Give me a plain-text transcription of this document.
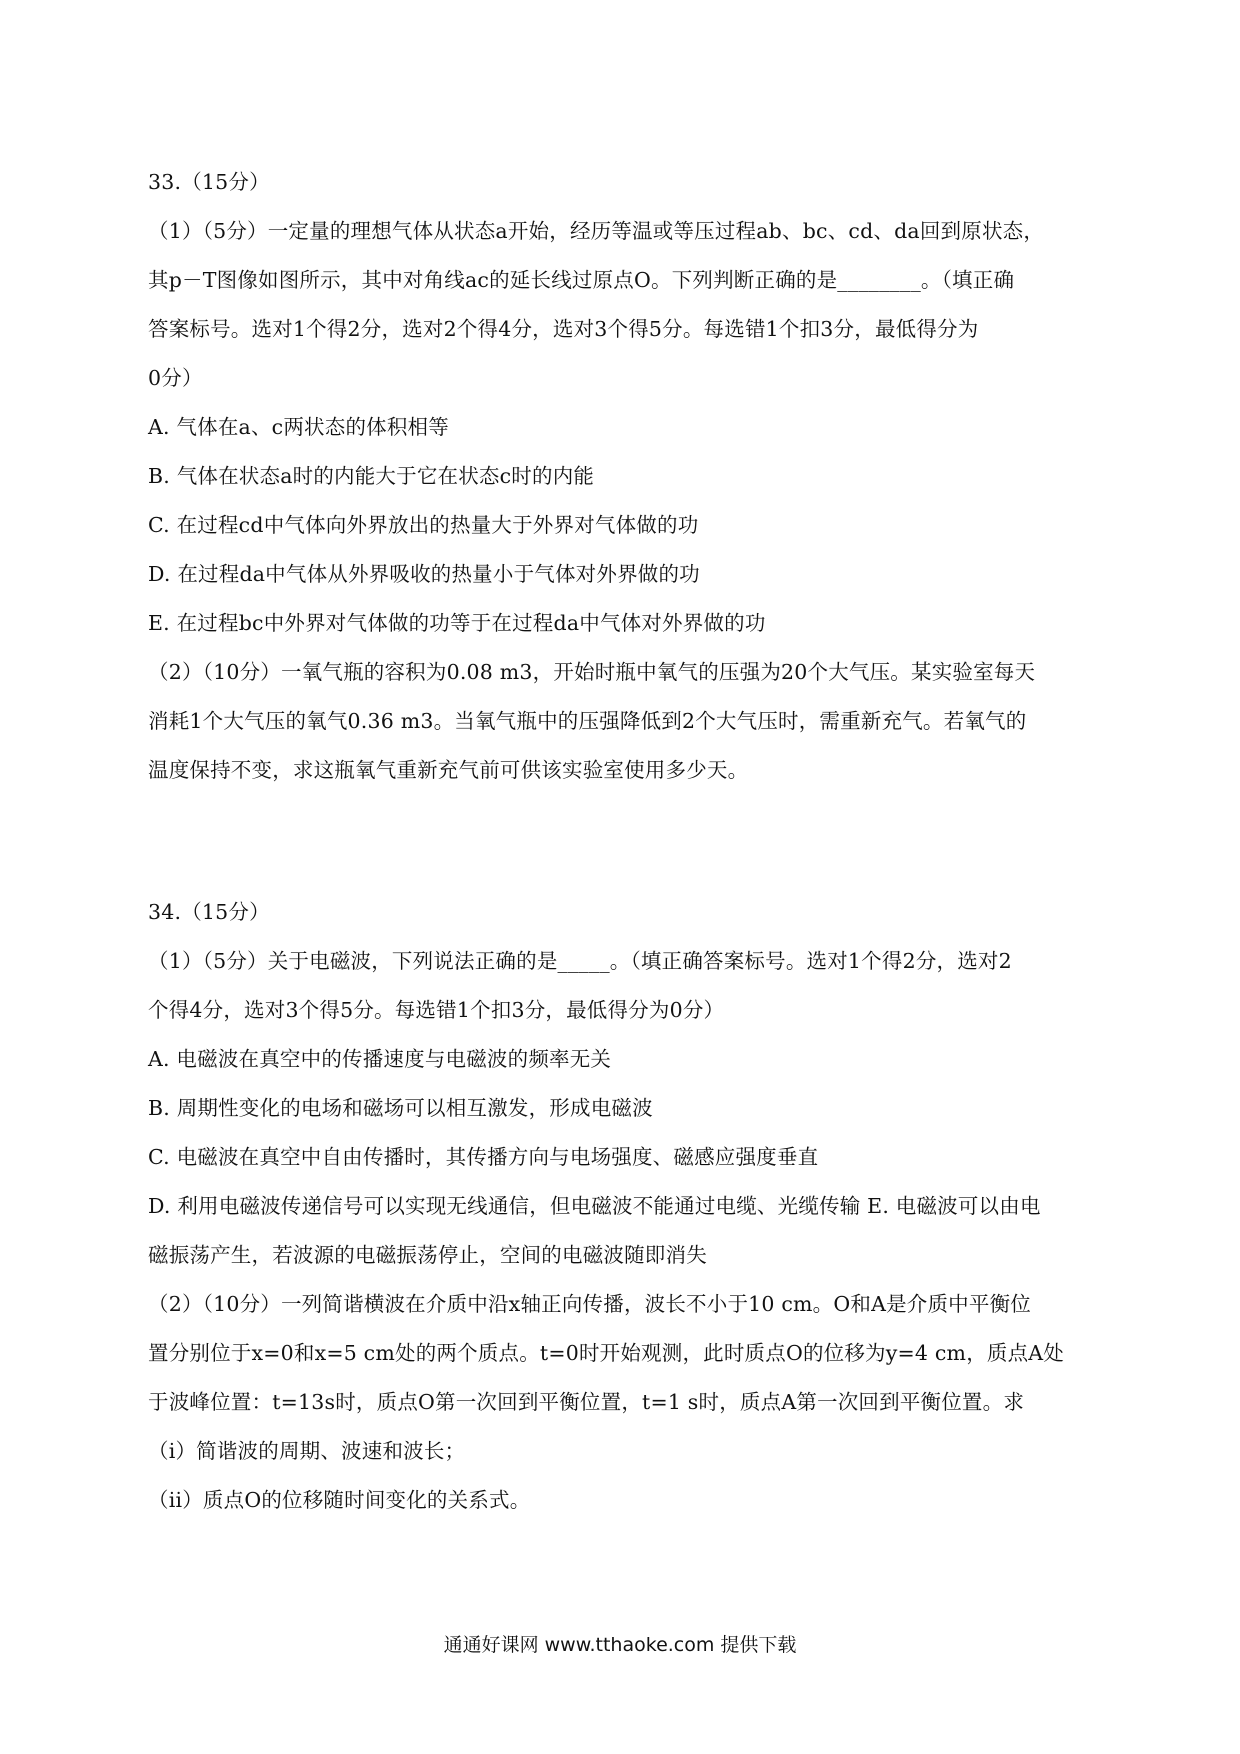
33.（15分）
（1）（5分）一定量的理想气体从状态a开始，经历等温或等压过程ab、bc、cd、da回到原状态，
其p－T图像如图所示，其中对角线ac的延长线过原点O。下列判断正确的是________。（填正确
答案标号。选对1个得2分，选对2个得4分，选对3个得5分。每选错1个扣3分，最低得分为
0分）
A. 气体在a、c两状态的体积相等
B. 气体在状态a时的内能大于它在状态c时的内能
C. 在过程cd中气体向外界放出的热量大于外界对气体做的功
D. 在过程da中气体从外界吸收的热量小于气体对外界做的功
E. 在过程bc中外界对气体做的功等于在过程da中气体对外界做的功
（2）（10分）一氧气瓶的容积为0.08 m3，开始时瓶中氧气的压强为20个大气压。某实验室每天
消耗1个大气压的氧气0.36 m3。当氧气瓶中的压强降低到2个大气压时，需重新充气。若氧气的
温度保持不变，求这瓶氧气重新充气前可供该实验室使用多少天。
34.（15分）
（1）（5分）关于电磁波，下列说法正确的是_____。（填正确答案标号。选对1个得2分，选对2
个得4分，选对3个得5分。每选错1个扣3分，最低得分为0分）
A. 电磁波在真空中的传播速度与电磁波的频率无关
B. 周期性变化的电场和磁场可以相互激发，形成电磁波
C. 电磁波在真空中自由传播时，其传播方向与电场强度、磁感应强度垂直
D. 利用电磁波传递信号可以实现无线通信，但电磁波不能通过电缆、光缆传输 E. 电磁波可以由电
磁振荡产生，若波源的电磁振荡停止，空间的电磁波随即消失
（2）（10分）一列简谐横波在介质中沿x轴正向传播，波长不小于10 cm。O和A是介质中平衡位
置分别位于x=0和x=5 cm处的两个质点。t=0时开始观测，此时质点O的位移为y=4 cm，质点A处
于波峰位置：t=13s时，质点O第一次回到平衡位置，t=1 s时，质点A第一次回到平衡位置。求
（i）简谐波的周期、波速和波长；
（ii）质点O的位移随时间变化的关系式。
通通好课网 www.tthaoke.com 提供下载
